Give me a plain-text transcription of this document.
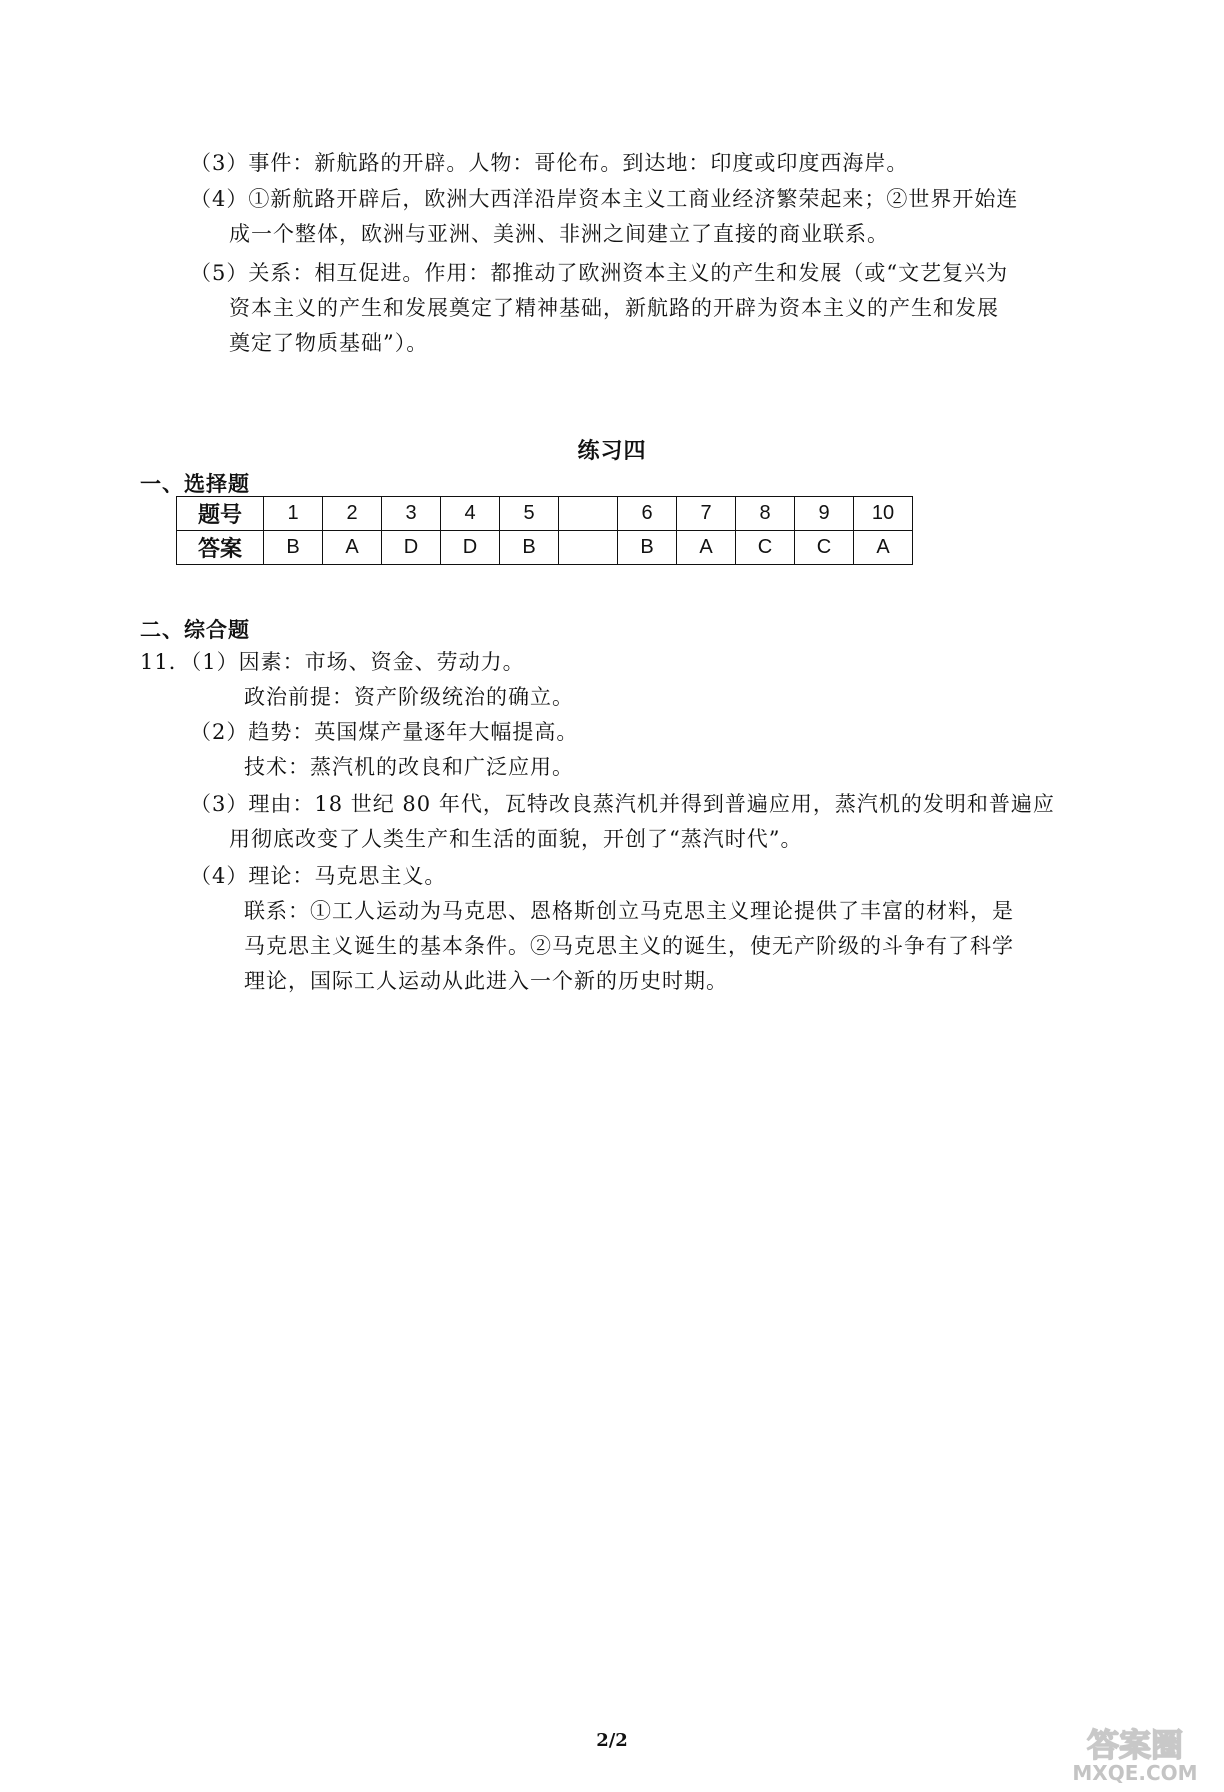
（3）事件：新航路的开辟。人物：哥伦布。到达地：印度或印度西海岸。
（4）①新航路开辟后，欧洲大西洋沿岸资本主义工商业经济繁荣起来；②世界开始连
成一个整体，欧洲与亚洲、美洲、非洲之间建立了直接的商业联系。
（5）关系：相互促进。作用：都推动了欧洲资本主义的产生和发展（或“文艺复兴为
资本主义的产生和发展奠定了精神基础，新航路的开辟为资本主义的产生和发展
奠定了物质基础”）。
练习四
一、选择题
题号	1	2	3	4	5		6	7	8	9	10
答案	B	A	D	D	B		B	A	C	C	A
二、综合题
11．（1）因素：市场、资金、劳动力。
政治前提：资产阶级统治的确立。
（2）趋势：英国煤产量逐年大幅提高。
技术：蒸汽机的改良和广泛应用。
（3）理由：18 世纪 80 年代，瓦特改良蒸汽机并得到普遍应用，蒸汽机的发明和普遍应
用彻底改变了人类生产和生活的面貌，开创了“蒸汽时代”。
（4）理论：马克思主义。
联系：①工人运动为马克思、恩格斯创立马克思主义理论提供了丰富的材料，是
马克思主义诞生的基本条件。②马克思主义的诞生，使无产阶级的斗争有了科学
理论，国际工人运动从此进入一个新的历史时期。
2/2	答案圈
MXQE.COM
